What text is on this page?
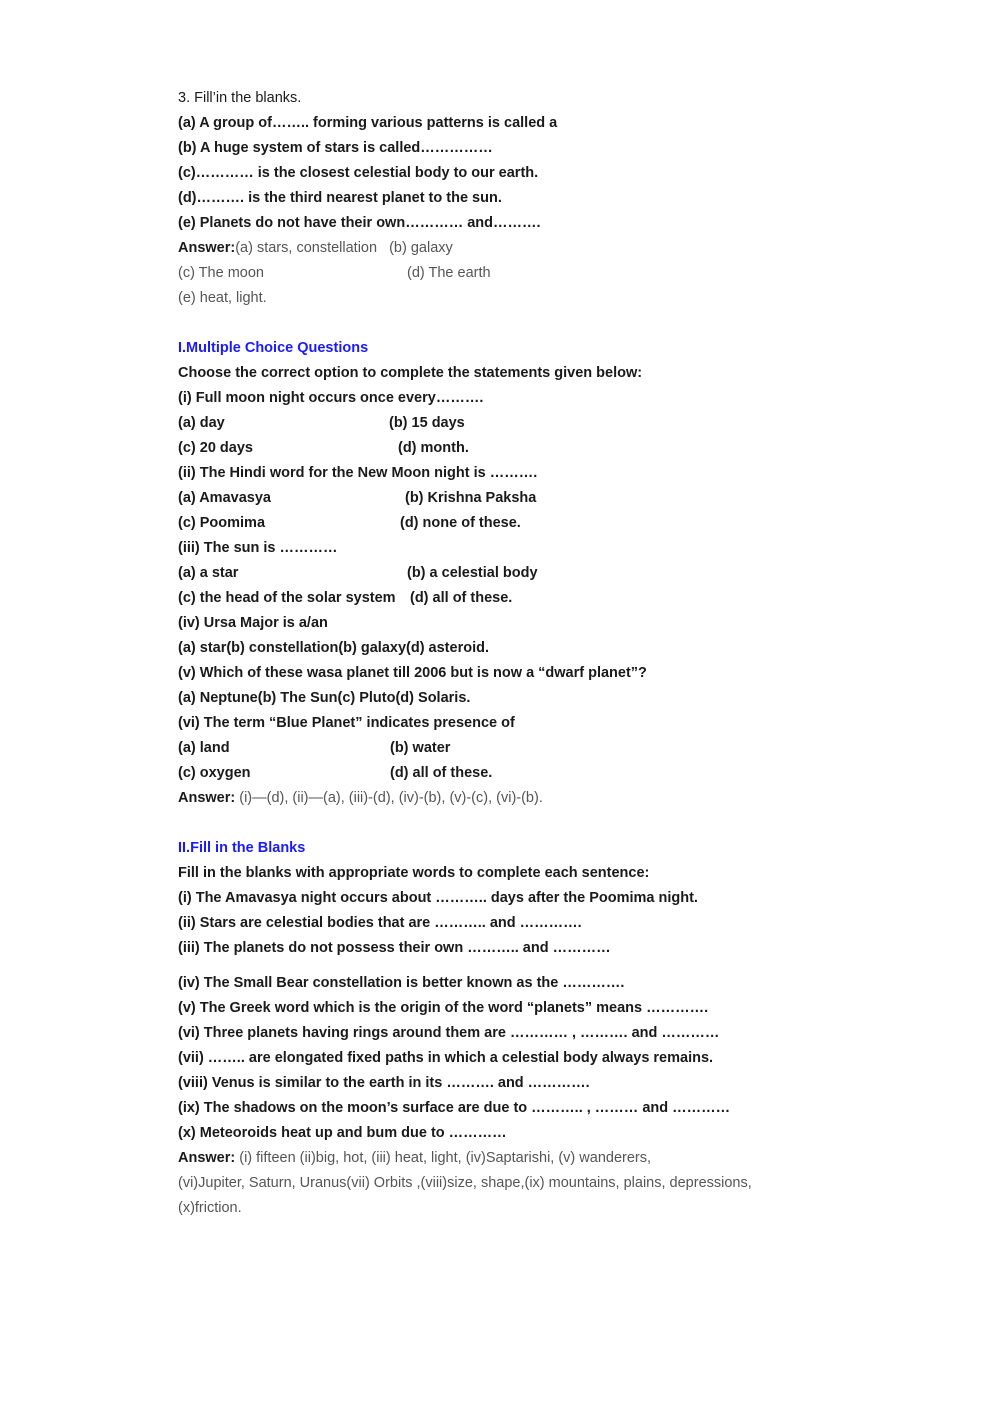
3. Fill’in the blanks.
(a) A group of…….. forming various patterns is called a
(b) A huge system of stars is called……………
(c)………… is the closest celestial body to our earth.
(d)………. is the third nearest planet to the sun.
(e) Planets do not have their own………… and……….
Answer:(a) stars, constellation (b) galaxy
(c) The moon	(d) The earth
(e) heat, light.
I.Multiple Choice Questions
Choose the correct option to complete the statements given below:
(i) Full moon night occurs once every……….
(a) day	(b) 15 days
(c) 20 days	(d) month.
(ii) The Hindi word for the New Moon night is ……….
(a) Amavasya	(b) Krishna Paksha
(c) Poomima	(d) none of these.
(iii) The sun is …………
(a) a star	(b) a celestial body
(c) the head of the solar system (d) all of these.
(iv) Ursa Major is a/an
(a) star(b) constellation(b) galaxy(d) asteroid.
(v) Which of these wasa planet till 2006 but is now a “dwarf planet”?
(a) Neptune(b) The Sun(c) Pluto(d) Solaris.
(vi) The term “Blue Planet” indicates presence of
(a) land	(b) water
(c) oxygen	(d) all of these.
Answer: (i)—(d), (ii)—(a), (iii)-(d), (iv)-(b), (v)-(c), (vi)-(b).
II.Fill in the Blanks
Fill in the blanks with appropriate words to complete each sentence:
(i) The Amavasya night occurs about ……….. days after the Poomima night.
(ii) Stars are celestial bodies that are ……….. and ………….
(iii) The planets do not possess their own ……….. and …………
(iv) The Small Bear constellation is better known as the ………….
(v) The Greek word which is the origin of the word “planets” means ………….
(vi) Three planets having rings around them are ………… , ………. and …………
(vii) …….. are elongated fixed paths in which a celestial body always remains.
(viii) Venus is similar to the earth in its ………. and ………….
(ix) The shadows on the moon’s surface are due to ……….. , ……… and …………
(x) Meteoroids heat up and bum due to …………
Answer: (i) fifteen (ii)big, hot, (iii) heat, light, (iv)Saptarishi, (v) wanderers,
(vi)Jupiter, Saturn, Uranus(vii) Orbits ,(viii)size, shape,(ix) mountains, plains, depressions,
(x)friction.
